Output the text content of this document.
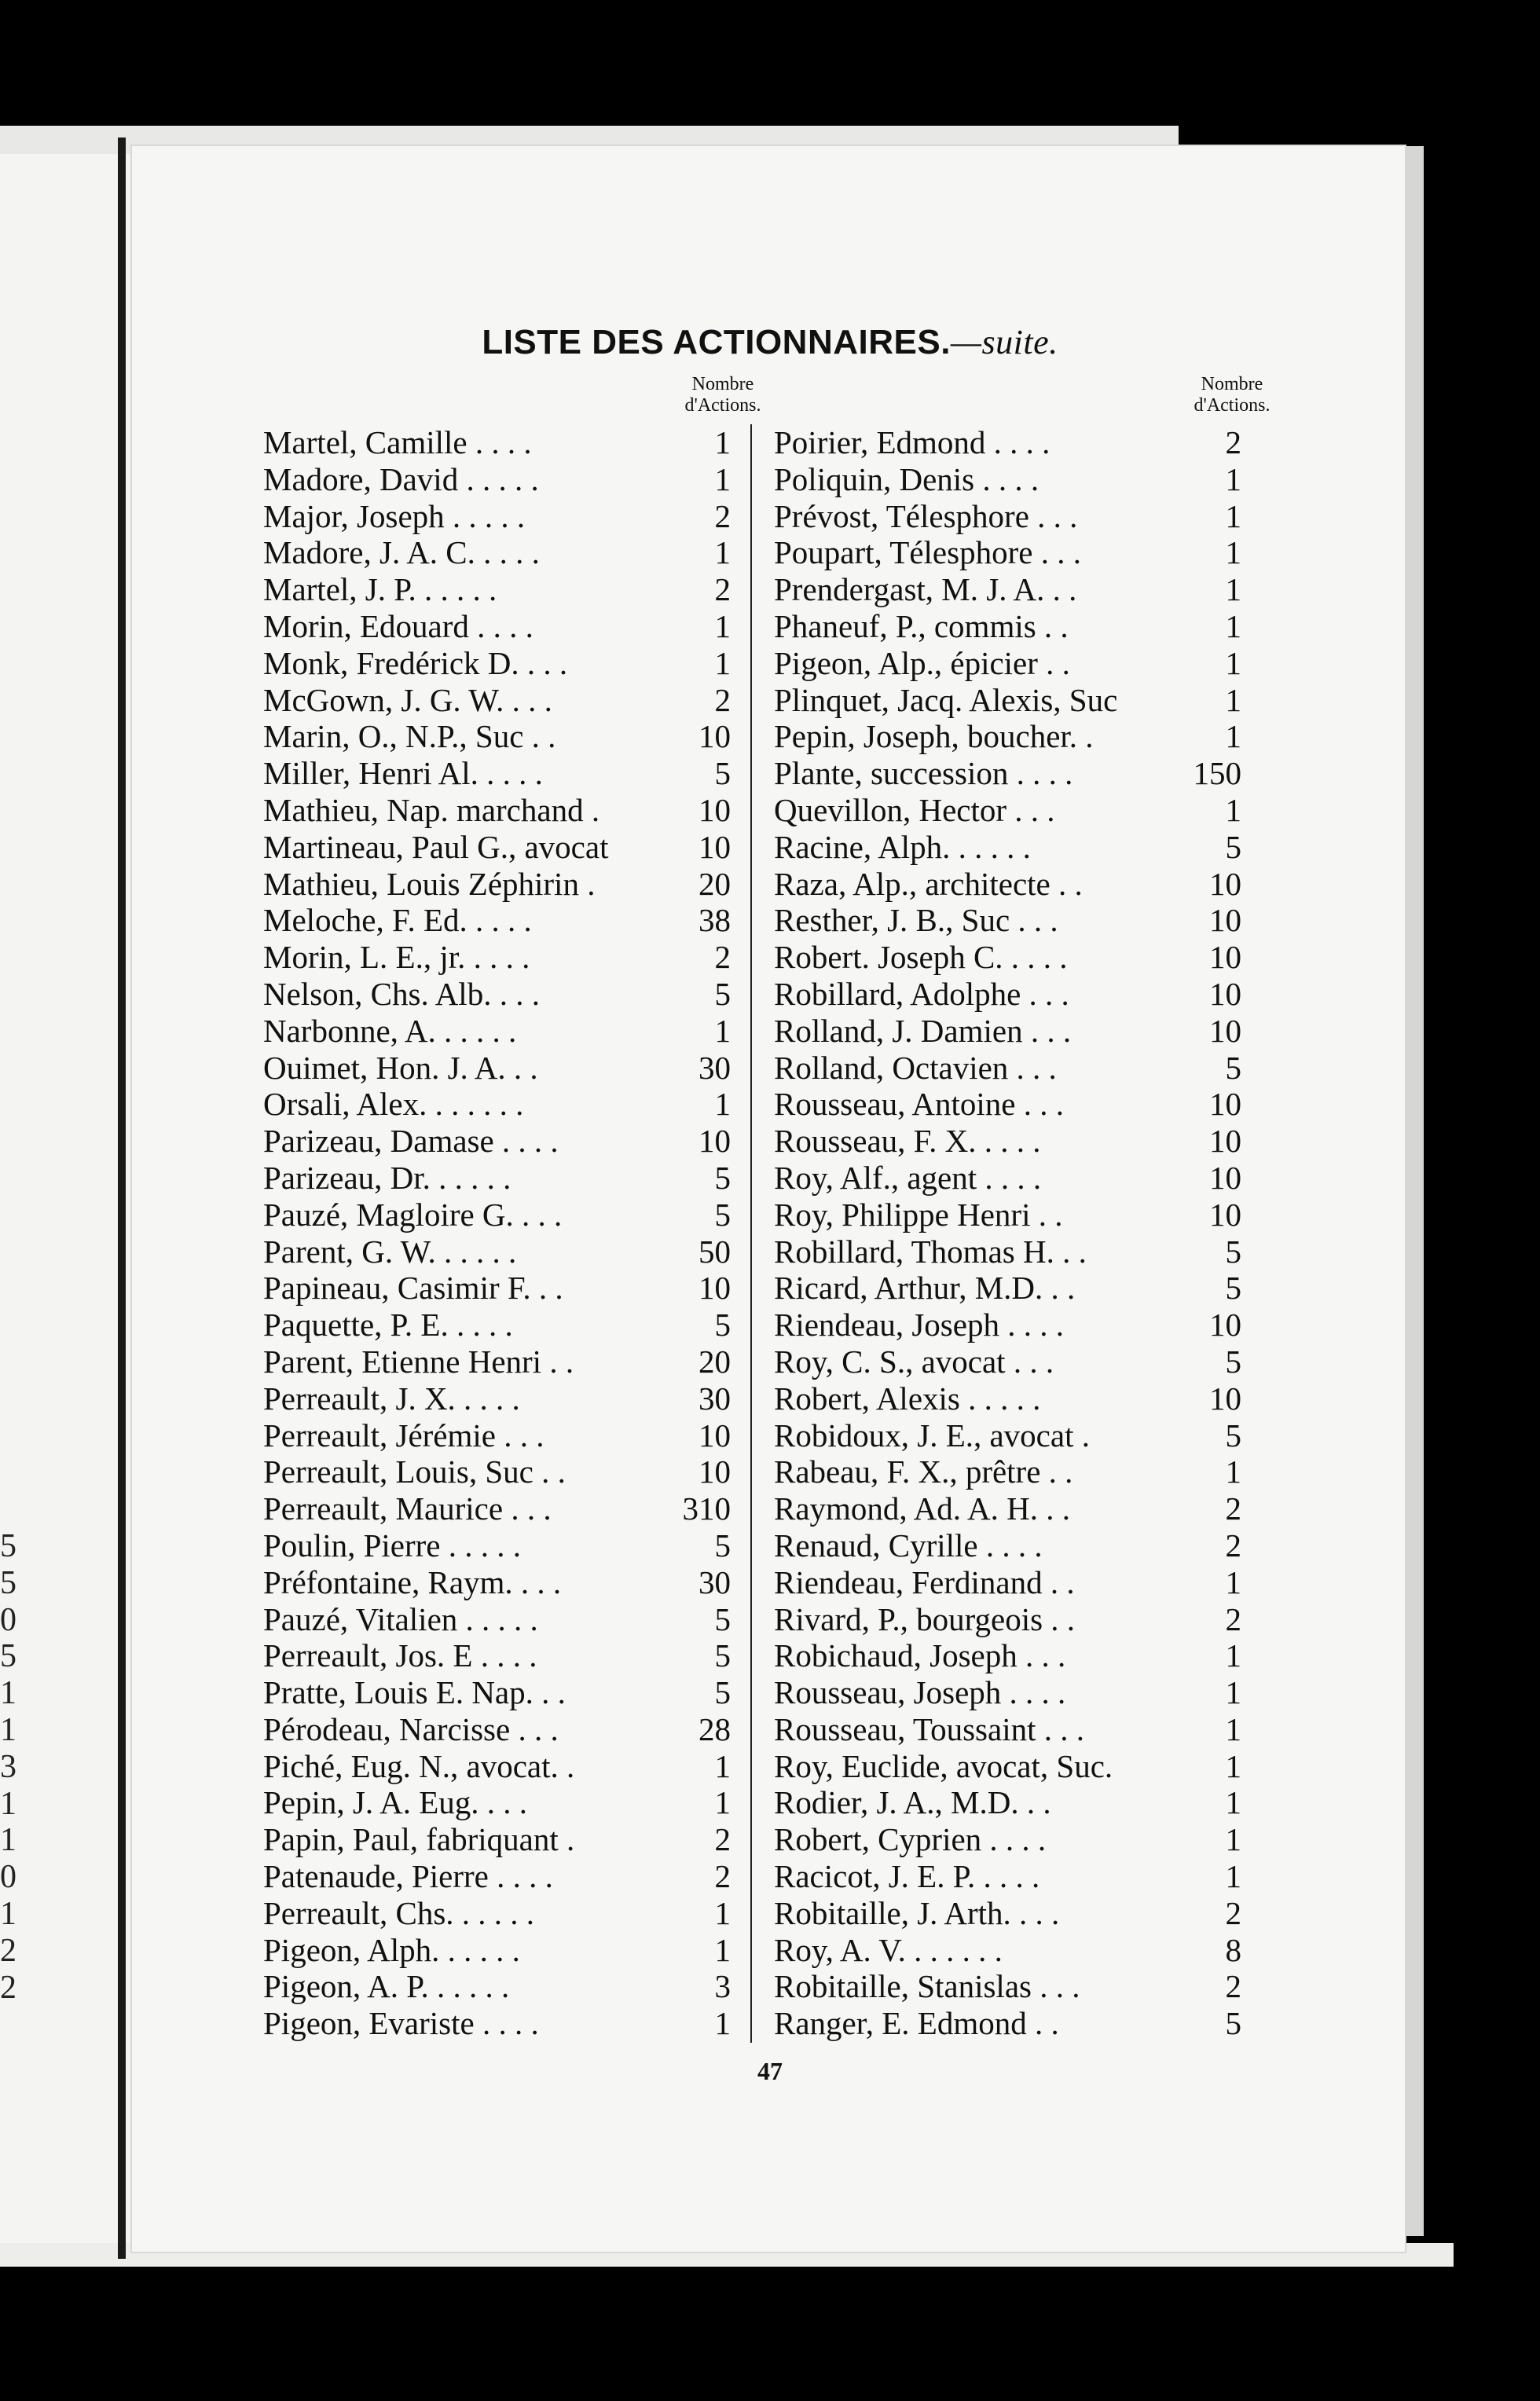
5
5
0
5
1
1
3
1
1
0
1
2
2
LISTE DES ACTIONNAIRES.—suite.
Nombre
d'Actions.
Nombre
d'Actions.
Martel, Camille . . . .	1
Madore, David . . . . .	1
Major, Joseph . . . . .	2
Madore, J. A. C. . . . .	1
Martel, J. P. . . . . .	2
Morin, Edouard . . . .	1
Monk, Fredérick D. . . .	1
McGown, J. G. W. . . .	2
Marin, O., N.P., Suc . .	10
Miller, Henri Al. . . . .	5
Mathieu, Nap. marchand .	10
Martineau, Paul G., avocat	10
Mathieu, Louis Zéphirin .	20
Meloche, F. Ed. . . . .	38
Morin, L. E., jr. . . . .	2
Nelson, Chs. Alb. . . .	5
Narbonne, A. . . . . .	1
Ouimet, Hon. J. A. . .	30
Orsali, Alex. . . . . . .	1
Parizeau, Damase . . . .	10
Parizeau, Dr. . . . . .	5
Pauzé, Magloire G. . . .	5
Parent, G. W. . . . . .	50
Papineau, Casimir F. . .	10
Paquette, P. E. . . . .	5
Parent, Etienne Henri . .	20
Perreault, J. X. . . . .	30
Perreault, Jérémie . . .	10
Perreault, Louis, Suc . .	10
Perreault, Maurice . . .	310
Poulin, Pierre . . . . .	5
Préfontaine, Raym. . . .	30
Pauzé, Vitalien . . . . .	5
Perreault, Jos. E . . . .	5
Pratte, Louis E. Nap. . .	5
Pérodeau, Narcisse . . .	28
Piché, Eug. N., avocat. .	1
Pepin, J. A. Eug. . . .	1
Papin, Paul, fabriquant .	2
Patenaude, Pierre . . . .	2
Perreault, Chs. . . . . .	1
Pigeon, Alph. . . . . .	1
Pigeon, A. P. . . . . .	3
Pigeon, Evariste . . . .	1
Poirier, Edmond . . . .	2
Poliquin, Denis . . . .	1
Prévost, Télesphore . . .	1
Poupart, Télesphore . . .	1
Prendergast, M. J. A. . .	1
Phaneuf, P., commis . .	1
Pigeon, Alp., épicier . .	1
Plinquet, Jacq. Alexis, Suc	1
Pepin, Joseph, boucher. .	1
Plante, succession . . . .	150
Quevillon, Hector . . .	1
Racine, Alph. . . . . .	5
Raza, Alp., architecte . .	10
Resther, J. B., Suc . . .	10
Robert. Joseph C. . . . .	10
Robillard, Adolphe . . .	10
Rolland, J. Damien . . .	10
Rolland, Octavien . . .	5
Rousseau, Antoine . . .	10
Rousseau, F. X. . . . .	10
Roy, Alf., agent . . . .	10
Roy, Philippe Henri . .	10
Robillard, Thomas H. . .	5
Ricard, Arthur, M.D. . .	5
Riendeau, Joseph . . . .	10
Roy, C. S., avocat . . .	5
Robert, Alexis . . . . .	10
Robidoux, J. E., avocat .	5
Rabeau, F. X., prêtre . .	1
Raymond, Ad. A. H. . .	2
Renaud, Cyrille . . . .	2
Riendeau, Ferdinand . .	1
Rivard, P., bourgeois . .	2
Robichaud, Joseph . . .	1
Rousseau, Joseph . . . .	1
Rousseau, Toussaint . . .	1
Roy, Euclide, avocat, Suc.	1
Rodier, J. A., M.D. . .	1
Robert, Cyprien . . . .	1
Racicot, J. E. P. . . . .	1
Robitaille, J. Arth. . . .	2
Roy, A. V. . . . . . .	8
Robitaille, Stanislas . . .	2
Ranger, E. Edmond . .	5
47
